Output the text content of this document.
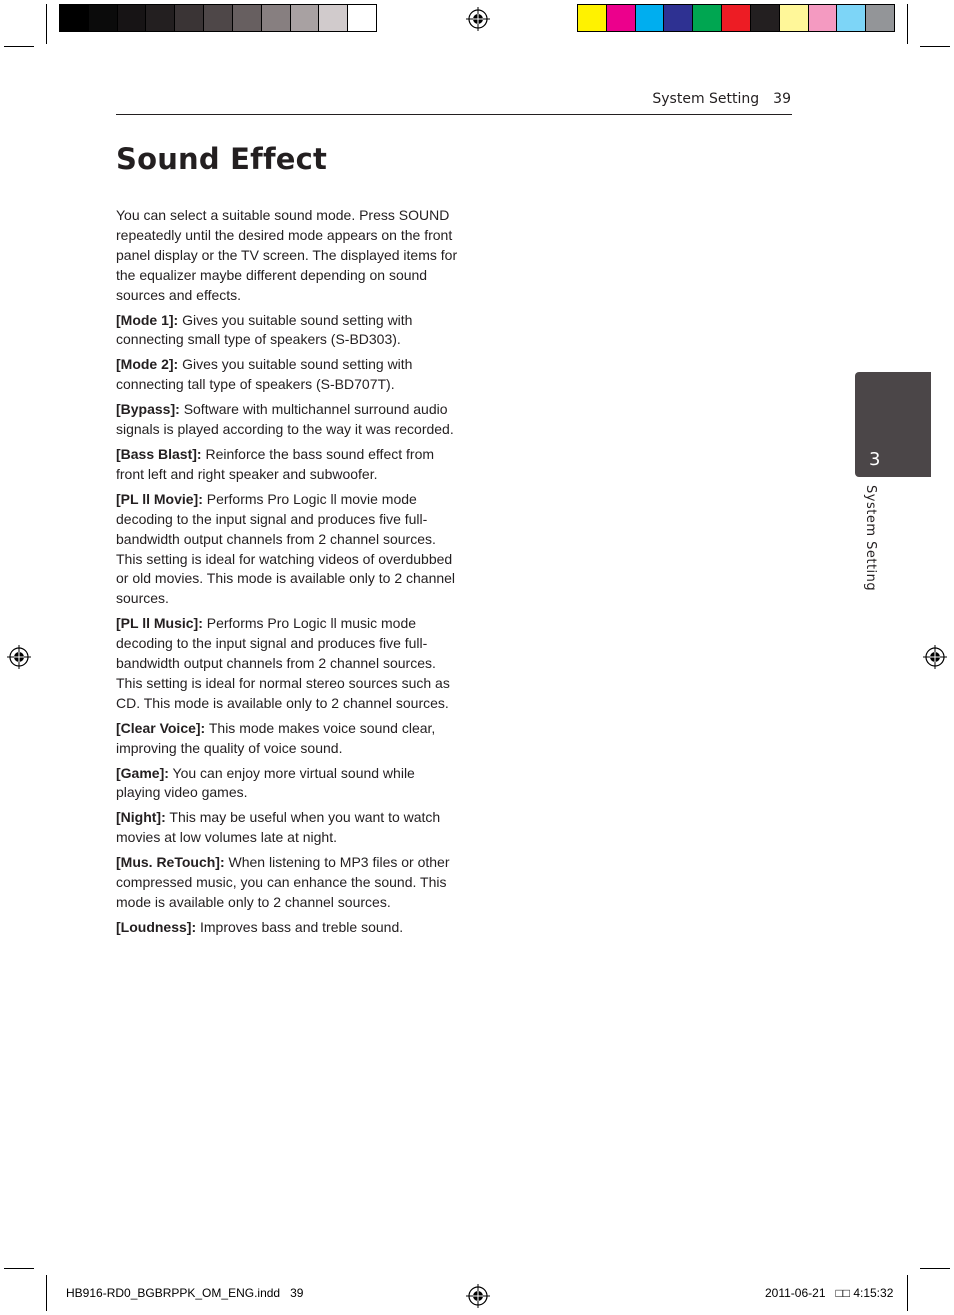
System Setting 39
Sound Effect

You can select a suitable sound mode. Press SOUND repeatedly until the desired mode appears on the front panel display or the TV screen. The displayed items for the equalizer maybe different depending on sound sources and effects.

[Mode 1]: Gives you suitable sound setting with connecting small type of speakers (S-BD303).

[Mode 2]: Gives you suitable sound setting with connecting tall type of speakers (S-BD707T).

[Bypass]: Software with multichannel surround audio signals is played according to the way it was recorded.

[Bass Blast]: Reinforce the bass sound effect from front left and right speaker and subwoofer.

[PL ll Movie]: Performs Pro Logic ll movie mode decoding to the input signal and produces five full-bandwidth output channels from 2 channel sources. This setting is ideal for watching videos of overdubbed or old movies. This mode is available only to 2 channel sources.

[PL ll Music]: Performs Pro Logic ll music mode decoding to the input signal and produces five full-bandwidth output channels from 2 channel sources. This setting is ideal for normal stereo sources such as CD. This mode is available only to 2 channel sources.

[Clear Voice]: This mode makes voice sound clear, improving the quality of voice sound.

[Game]: You can enjoy more virtual sound while playing video games.

[Night]: This may be useful when you want to watch movies at low volumes late at night.

[Mus. ReTouch]: When listening to MP3 files or other compressed music, you can enhance the sound. This mode is available only to 2 channel sources.

[Loudness]: Improves bass and treble sound.

3
System Setting
HB916-RD0_BGBRPPK_OM_ENG.indd   39	2011-06-21   □□ 4:15:32
